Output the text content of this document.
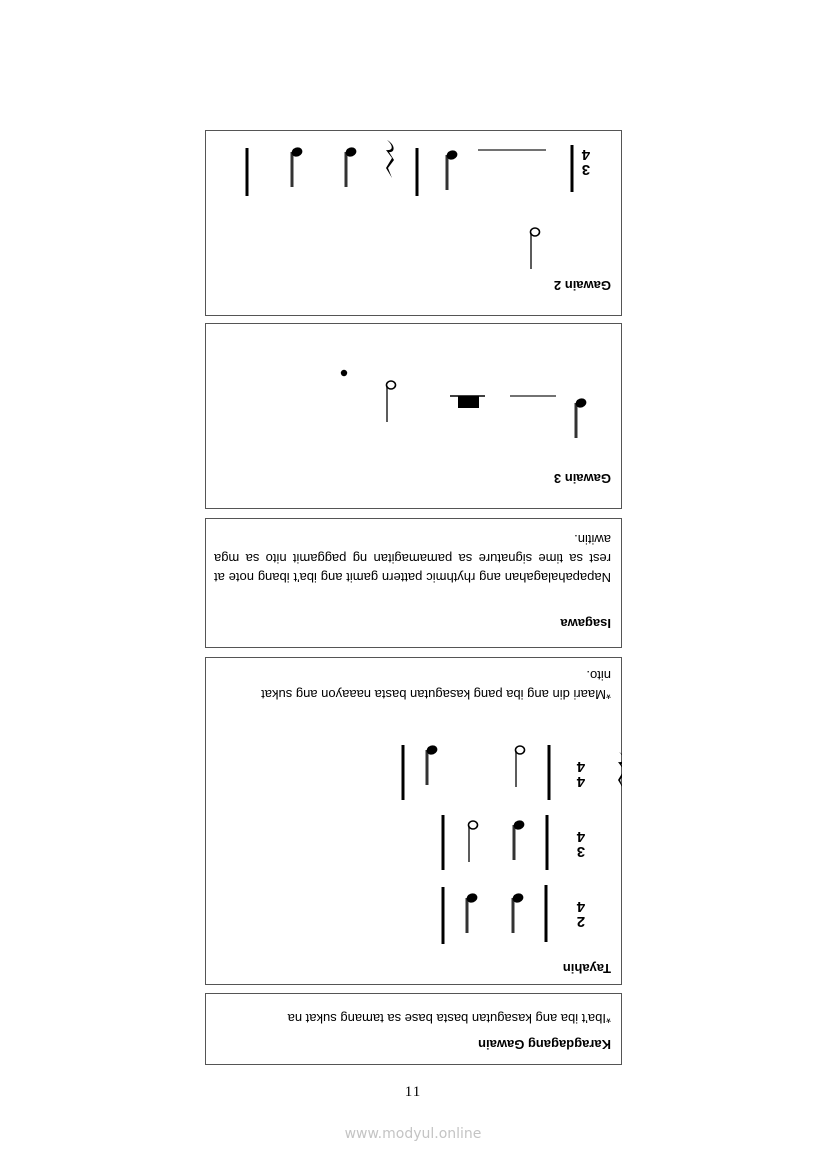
Karagdagang Gawain
*Iba't iba ang kasagutan basta base sa tamang sukat na
Tayahin
2
4
3
4
4
4
*Maari din ang iba pang kasagutan basta naaayon ang sukat nito.
Isagawa
Napapahalagahan ang rhythmic pattern gamit ang iba't ibang note at rest sa time signature sa pamamagitan ng paggamit nito sa mga awitin.
Gawain 3
Gawain 2
3
4
11
www.modyul.online
